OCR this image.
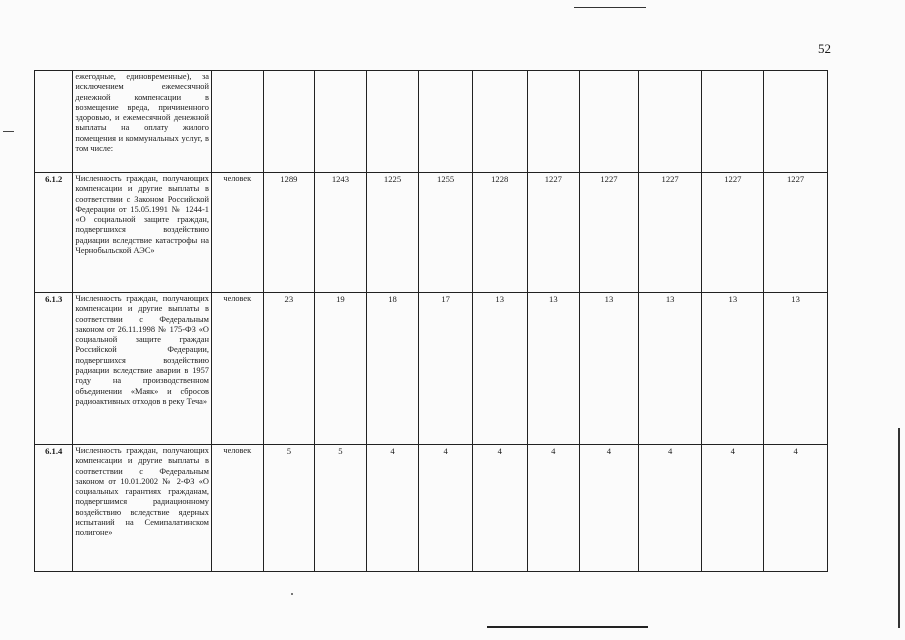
52
	ежегодные, единовременные), за исключением ежемесячной денежной компенсации в возмещение вреда, причиненного здоровью, и ежемесячной денежной выплаты на оплату жилого помещения и коммунальных услуг, в том числе:											
6.1.2	Численность граждан, получающих компенсации и другие выплаты в соответствии с Законом Российской Федерации от 15.05.1991 № 1244-1 «О социальной защите граждан, подвергшихся воздействию радиации вследствие катастрофы на Чернобыльской АЭС»	человек	1289	1243	1225	1255	1228	1227	1227	1227	1227	1227
6.1.3	Численность граждан, получающих компенсации и другие выплаты в соответствии с Федеральным законом от 26.11.1998 № 175-ФЗ «О социальной защите граждан Российской Федерации, подвергшихся воздействию радиации вследствие аварии в 1957 году на производственном объединении «Маяк» и сбросов радиоактивных отходов в реку Теча»	человек	23	19	18	17	13	13	13	13	13	13
6.1.4	Численность граждан, получающих компенсации и другие выплаты в соответствии с Федеральным законом от 10.01.2002 № 2-ФЗ «О социальных гарантиях гражданам, подвергшимся радиационному воздействию вследствие ядерных испытаний на Семипалатинском полигоне»	человек	5	5	4	4	4	4	4	4	4	4
